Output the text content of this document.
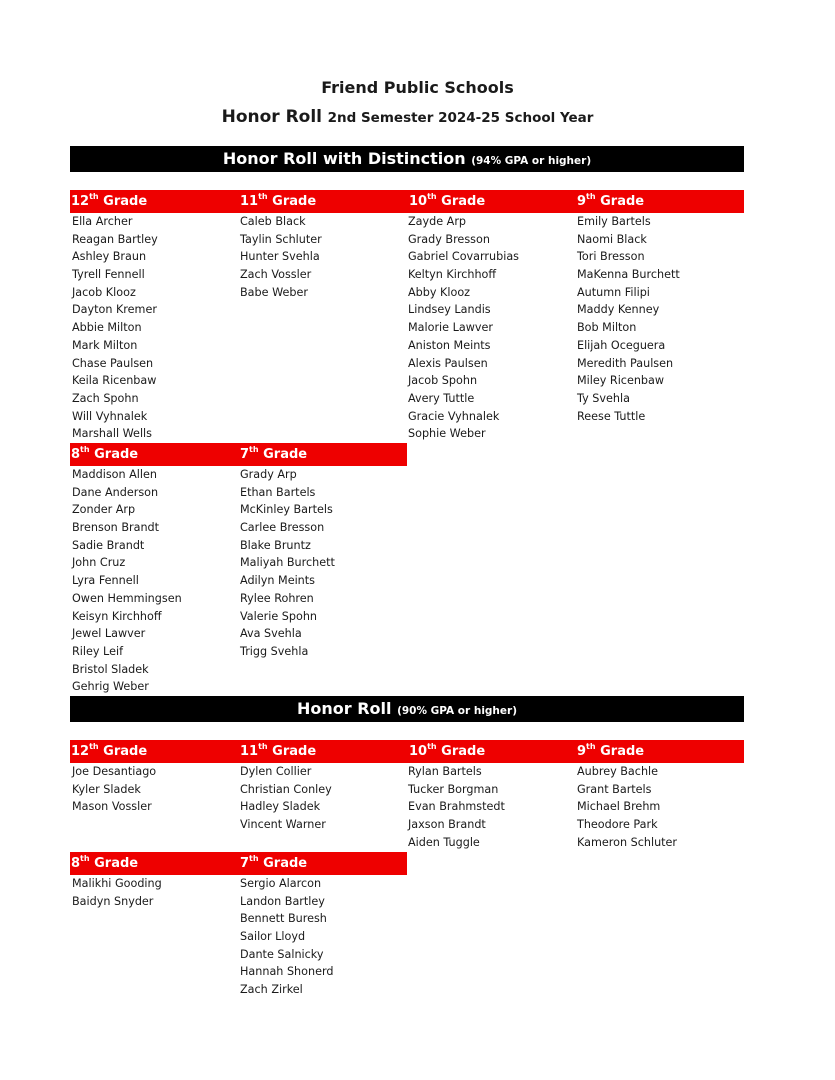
Friend Public Schools
Honor Roll 2nd Semester 2024-25 School Year
Honor Roll with Distinction (94% GPA or higher)
12th Grade
Ella Archer
Reagan Bartley
Ashley Braun
Tyrell Fennell
Jacob Klooz
Dayton Kremer
Abbie Milton
Mark Milton
Chase Paulsen
Keila Ricenbaw
Zach Spohn
Will Vyhnalek
Marshall Wells
11th Grade
Caleb Black
Taylin Schluter
Hunter Svehla
Zach Vossler
Babe Weber
10th Grade
Zayde Arp
Grady Bresson
Gabriel Covarrubias
Keltyn Kirchhoff
Abby Klooz
Lindsey Landis
Malorie Lawver
Aniston Meints
Alexis Paulsen
Jacob Spohn
Avery Tuttle
Gracie Vyhnalek
Sophie Weber
9th Grade
Emily Bartels
Naomi Black
Tori Bresson
MaKenna Burchett
Autumn Filipi
Maddy Kenney
Bob Milton
Elijah Oceguera
Meredith Paulsen
Miley Ricenbaw
Ty Svehla
Reese Tuttle
8th Grade
Maddison Allen
Dane Anderson
Zonder Arp
Brenson Brandt
Sadie Brandt
John Cruz
Lyra Fennell
Owen Hemmingsen
Keisyn Kirchhoff
Jewel Lawver
Riley Leif
Bristol Sladek
Gehrig Weber
7th Grade
Grady Arp
Ethan Bartels
McKinley Bartels
Carlee Bresson
Blake Bruntz
Maliyah Burchett
Adilyn Meints
Rylee Rohren
Valerie Spohn
Ava Svehla
Trigg Svehla
Honor Roll (90% GPA or higher)
12th Grade
Joe Desantiago
Kyler Sladek
Mason Vossler
11th Grade
Dylen Collier
Christian Conley
Hadley Sladek
Vincent Warner
10th Grade
Rylan Bartels
Tucker Borgman
Evan Brahmstedt
Jaxson Brandt
Aiden Tuggle
9th Grade
Aubrey Bachle
Grant Bartels
Michael Brehm
Theodore Park
Kameron Schluter
8th Grade
Malikhi Gooding
Baidyn Snyder
7th Grade
Sergio Alarcon
Landon Bartley
Bennett Buresh
Sailor Lloyd
Dante Salnicky
Hannah Shonerd
Zach Zirkel
